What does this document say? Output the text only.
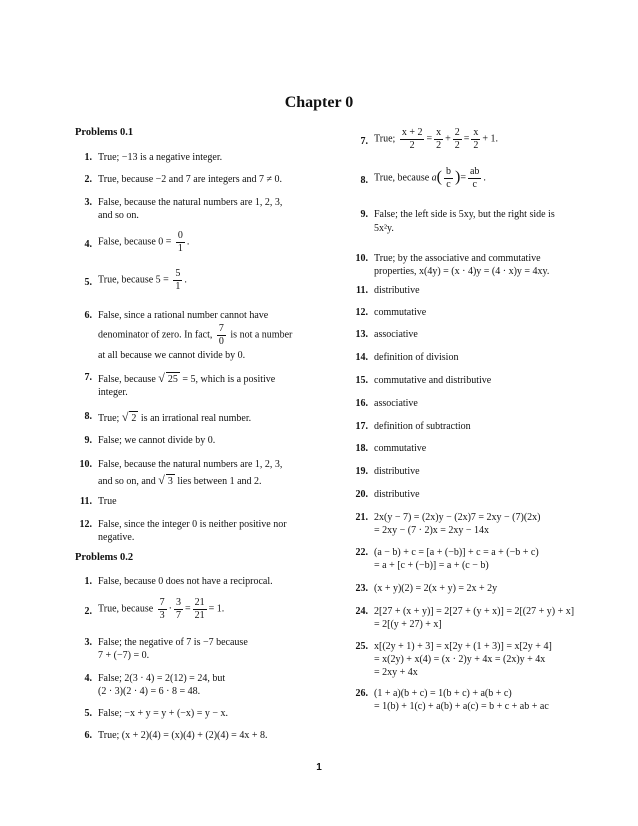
Chapter 0
Problems 0.1
Problems 0.2
1. True; −13 is a negative integer.
2. True, because −2 and 7 are integers and 7 ≠ 0.
3. False, because the natural numbers are 1, 2, 3,
and so on.
4. False, because $0 = \frac{0}{1}$ .
5. True, because $5 = \frac{5}{1}$ .
6. False, since a rational number cannot have
denominator of zero. In fact, $\frac{7}{0}$ is not a number
at all because we cannot divide by 0.
7. False, because √ 25 = 5, which is a positive
integer.
8. True; √ 2 is an irrational real number.
9. False; we cannot divide by 0.
10. False, because the natural numbers are 1, 2, 3,
and so on, and √ 3 lies between 1 and 2.
11. True
12. False, since the integer 0 is neither positive nor
negative.
1. False, because 0 does not have a reciprocal.
2. True, because $\frac{7}{3} \cdot \frac{3}{7} = \frac{21}{21} = 1$.
3. False; the negative of 7 is −7 because
7 + (−7) = 0.
4. False; 2(3 · 4) = 2(12) = 24, but
(2 · 3)(2 · 4) = 6 · 8 = 48.
5. False; −x + y = y + (−x) = y − x.
6. True; (x + 2)(4) = (x)(4) + (2)(4) = 4x + 8.
7. True; $\frac{x + 2}{2} = \frac{x}{2} + \frac{2}{2} = \frac{x}{2} + 1$.
8. True, because $a( \frac{b}{c}$ )= $\frac{ab}{c}$ .
9. False; the left side is 5xy, but the right side is
5x²y.
10. True; by the associative and commutative
properties, x(4y) = (x · 4)y = (4 · x)y = 4xy.
11. distributive
12. commutative
13. associative
14. definition of division
15. commutative and distributive
16. associative
17. definition of subtraction
18. commutative
19. distributive
20. distributive
21. 2x(y − 7) = (2x)y − (2x)7 = 2xy − (7)(2x)
= 2xy − (7 · 2)x = 2xy − 14x
22. (a − b) + c = [a + (−b)] + c = a + (−b + c)
= a + [c + (−b)] = a + (c − b)
23. (x + y)(2) = 2(x + y) = 2x + 2y
24. 2[27 + (x + y)] = 2[27 + (y + x)] = 2[(27 + y) + x]
= 2[(y + 27) + x]
25. x[(2y + 1) + 3] = x[2y + (1 + 3)] = x[2y + 4]
= x(2y) + x(4) = (x · 2)y + 4x = (2x)y + 4x
= 2xy + 4x
26. (1 + a)(b + c) = 1(b + c) + a(b + c)
= 1(b) + 1(c) + a(b) + a(c) = b + c + ab + ac
1
